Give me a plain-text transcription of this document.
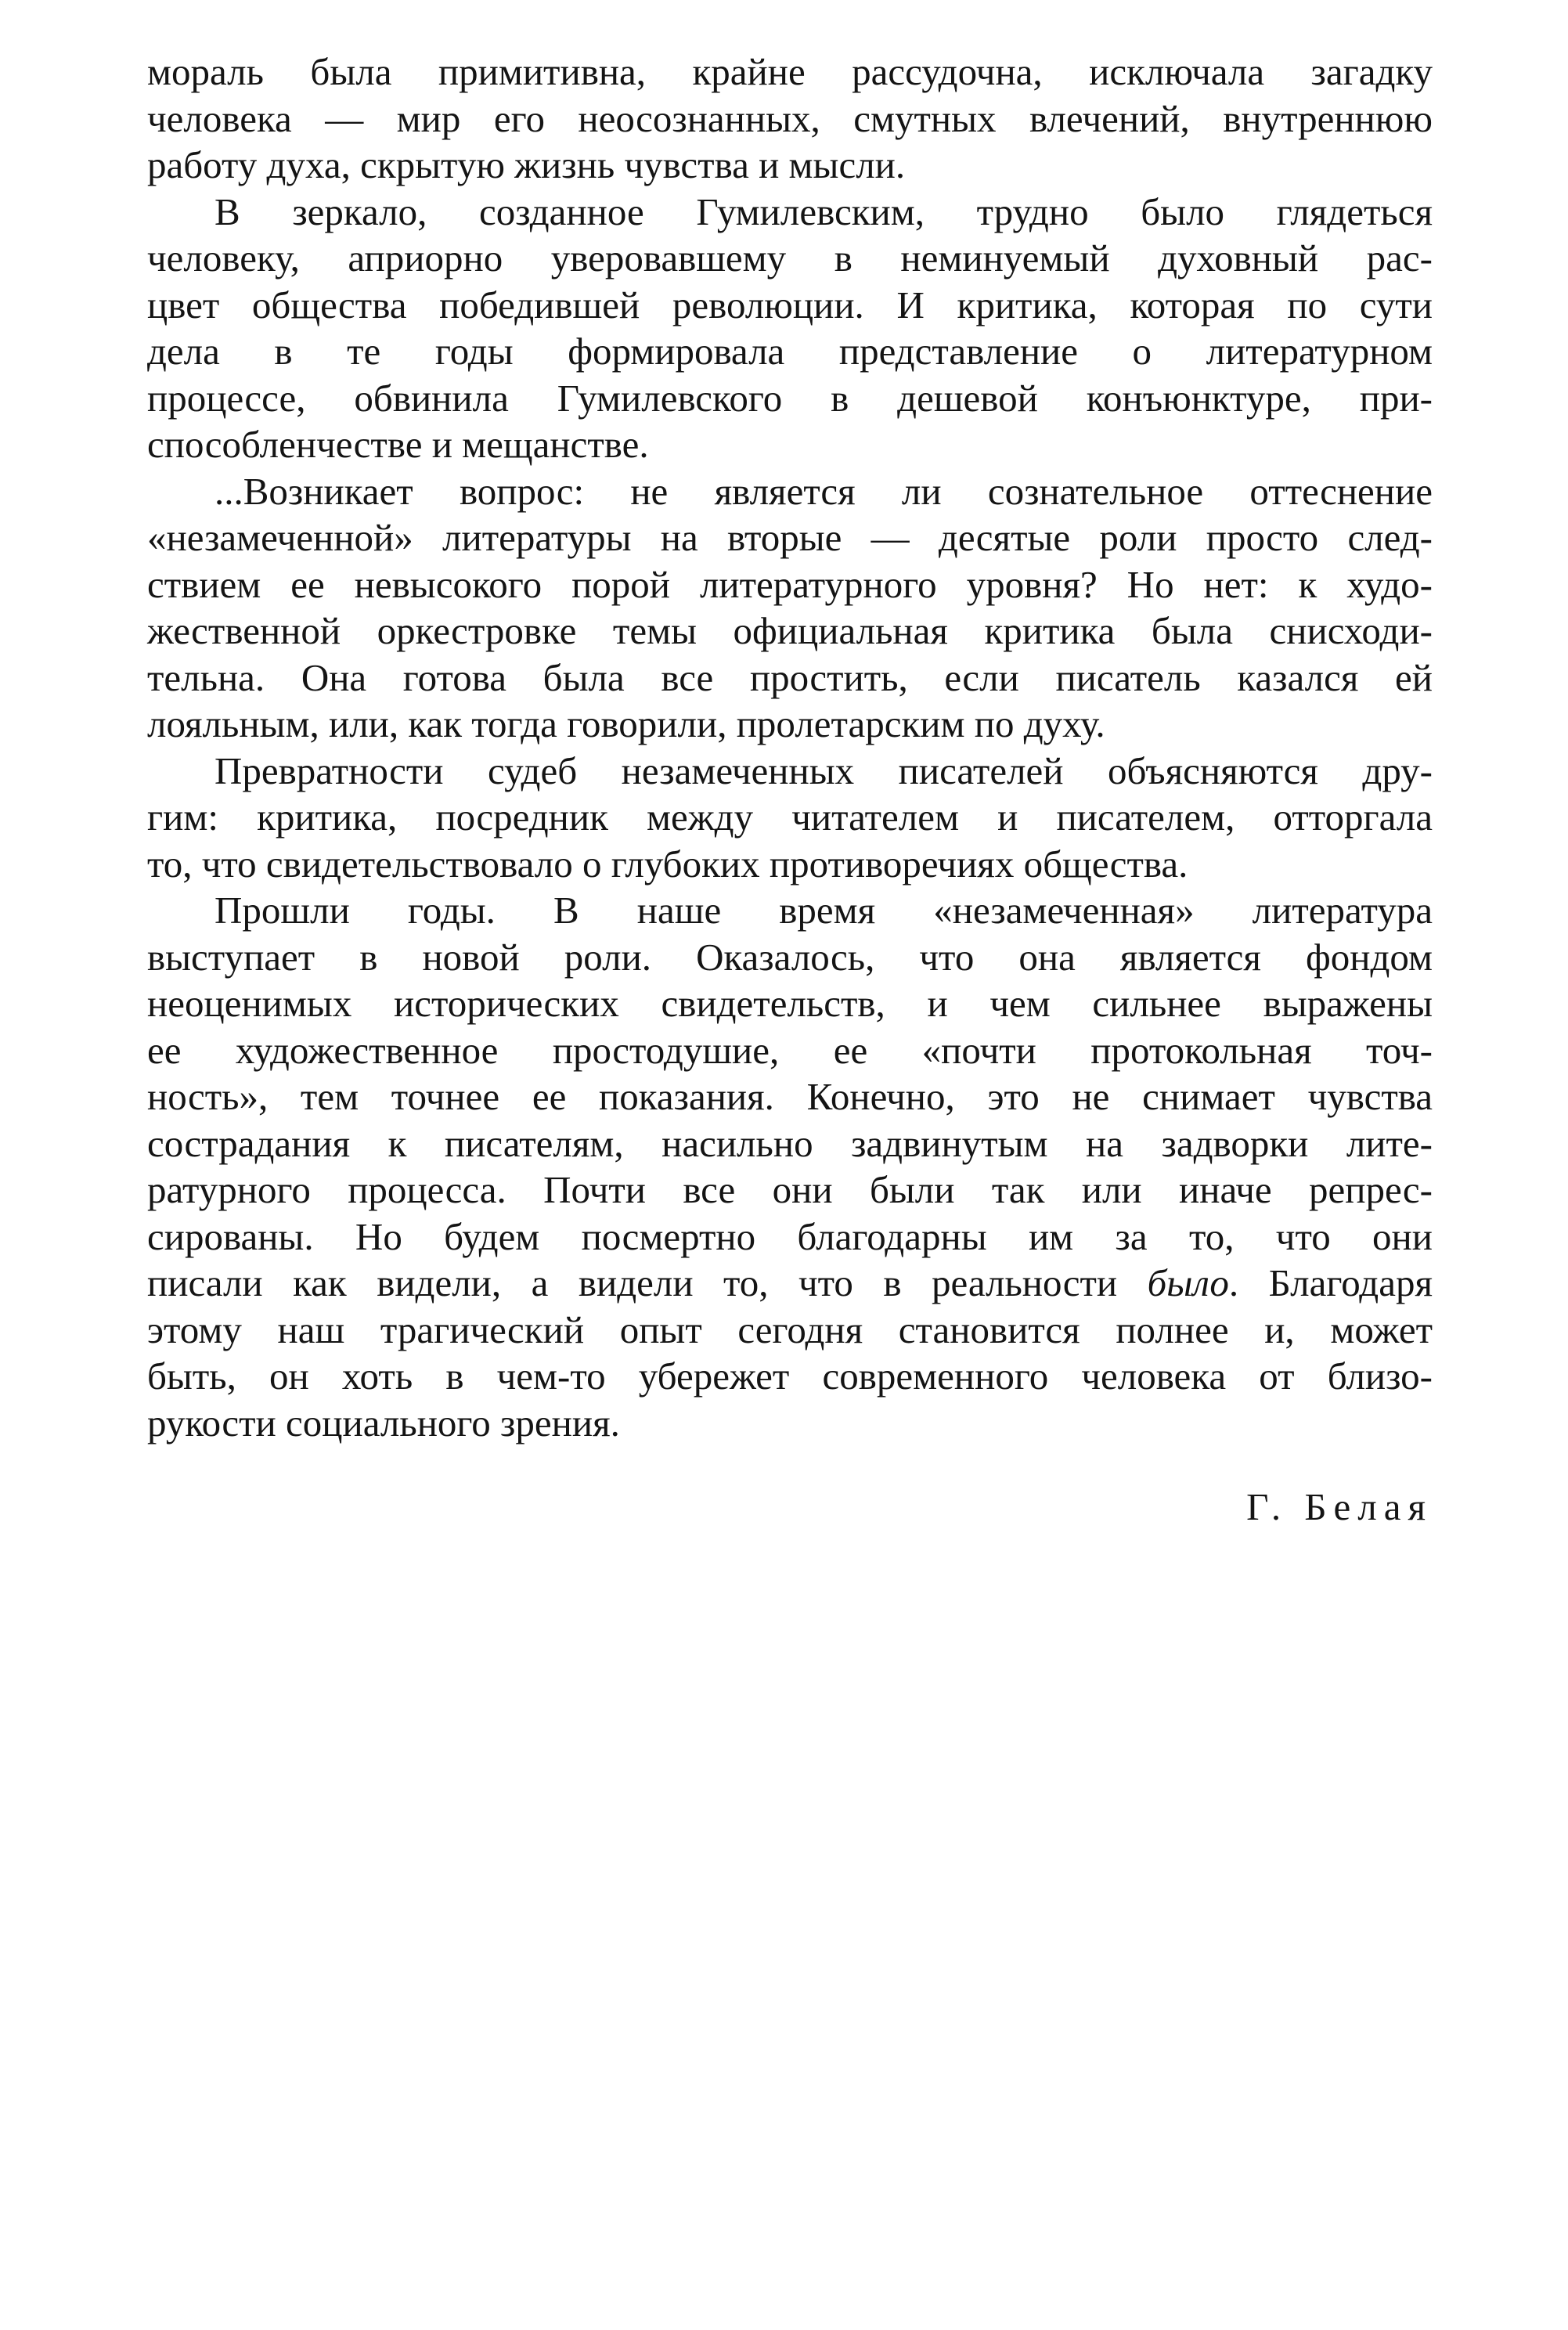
мораль была примитивна, крайне рассудочна, исключала загадку
человека — мир его неосознанных, смутных влечений, внутреннюю
работу духа, скрытую жизнь чувства и мысли.
В зеркало, созданное Гумилевским, трудно было глядеться
человеку, априорно уверовавшему в неминуемый духовный рас-
цвет общества победившей революции. И критика, которая по сути
дела в те годы формировала представление о литературном
процессе, обвинила Гумилевского в дешевой конъюнктуре, при-
способленчестве и мещанстве.
...Возникает вопрос: не является ли сознательное оттеснение
«незамеченной» литературы на вторые — десятые роли просто след-
ствием ее невысокого порой литературного уровня? Но нет: к худо-
жественной оркестровке темы официальная критика была снисходи-
тельна. Она готова была все простить, если писатель казался ей
лояльным, или, как тогда говорили, пролетарским по духу.
Превратности судеб незамеченных писателей объясняются дру-
гим: критика, посредник между читателем и писателем, отторгала
то, что свидетельствовало о глубоких противоречиях общества.
Прошли годы. В наше время «незамеченная» литература
выступает в новой роли. Оказалось, что она является фондом
неоценимых исторических свидетельств, и чем сильнее выражены
ее художественное простодушие, ее «почти протокольная точ-
ность», тем точнее ее показания. Конечно, это не снимает чувства
сострадания к писателям, насильно задвинутым на задворки лите-
ратурного процесса. Почти все они были так или иначе репрес-
сированы. Но будем посмертно благодарны им за то, что они
писали как видели, а видели то, что в реальности было. Благодаря
этому наш трагический опыт сегодня становится полнее и, может
быть, он хоть в чем-то убережет современного человека от близо-
рукости социального зрения.
Г. Белая
